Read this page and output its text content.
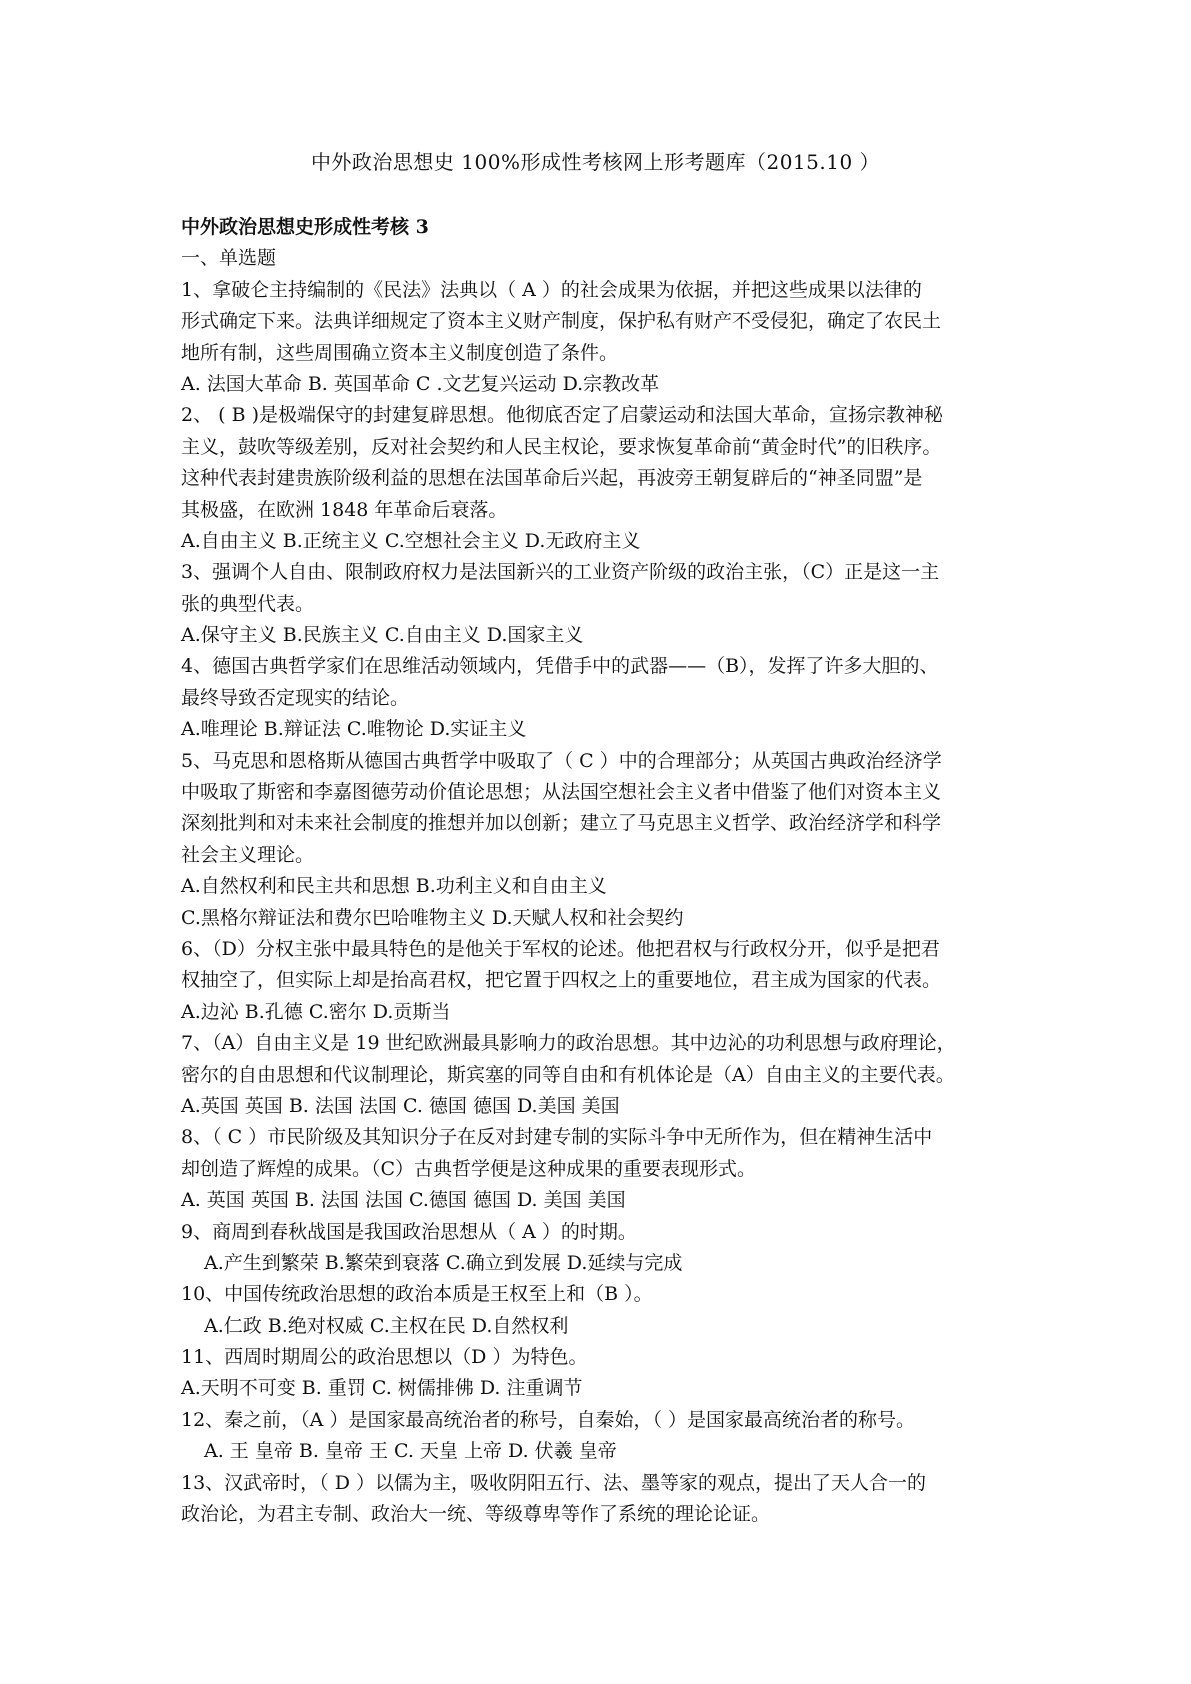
中外政治思想史 100%形成性考核网上形考题库（2015.10 ）
中外政治思想史形成性考核 3
一、单选题
1、拿破仑主持编制的《民法》法典以（ A ）的社会成果为依据，并把这些成果以法律的
形式确定下来。法典详细规定了资本主义财产制度，保护私有财产不受侵犯，确定了农民土
地所有制，这些周围确立资本主义制度创造了条件。
A. 法国大革命 B. 英国革命 C .文艺复兴运动 D.宗教改革
2、 ( B )是极端保守的封建复辟思想。他彻底否定了启蒙运动和法国大革命，宣扬宗教神秘
主义，鼓吹等级差别，反对社会契约和人民主权论，要求恢复革命前“黄金时代”的旧秩序。
这种代表封建贵族阶级利益的思想在法国革命后兴起，再波旁王朝复辟后的“神圣同盟”是
其极盛，在欧洲 1848 年革命后衰落。
A.自由主义 B.正统主义 C.空想社会主义 D.无政府主义
3、强调个人自由、限制政府权力是法国新兴的工业资产阶级的政治主张，（C）正是这一主
张的典型代表。
A.保守主义 B.民族主义 C.自由主义 D.国家主义
4、德国古典哲学家们在思维活动领域内，凭借手中的武器——（B），发挥了许多大胆的、
最终导致否定现实的结论。
A.唯理论 B.辩证法 C.唯物论 D.实证主义
5、马克思和恩格斯从德国古典哲学中吸取了（ C ）中的合理部分；从英国古典政治经济学
中吸取了斯密和李嘉图德劳动价值论思想；从法国空想社会主义者中借鉴了他们对资本主义
深刻批判和对未来社会制度的推想并加以创新；建立了马克思主义哲学、政治经济学和科学
社会主义理论。
A.自然权利和民主共和思想 B.功利主义和自由主义
C.黑格尔辩证法和费尔巴哈唯物主义 D.天赋人权和社会契约
6、（D）分权主张中最具特色的是他关于军权的论述。他把君权与行政权分开，似乎是把君
权抽空了，但实际上却是抬高君权，把它置于四权之上的重要地位，君主成为国家的代表。
A.边沁 B.孔德 C.密尔 D.贡斯当
7、（A）自由主义是 19 世纪欧洲最具影响力的政治思想。其中边沁的功利思想与政府理论，
密尔的自由思想和代议制理论，斯宾塞的同等自由和有机体论是（A）自由主义的主要代表。
A.英国 英国 B. 法国 法国 C. 德国 德国 D.美国 美国
8、（ C ）市民阶级及其知识分子在反对封建专制的实际斗争中无所作为，但在精神生活中
却创造了辉煌的成果。（C）古典哲学便是这种成果的重要表现形式。
A. 英国 英国 B. 法国 法国 C.德国 德国 D. 美国 美国
9、商周到春秋战国是我国政治思想从（ A ）的时期。
A.产生到繁荣 B.繁荣到衰落 C.确立到发展 D.延续与完成
10、中国传统政治思想的政治本质是王权至上和（B ）。
A.仁政 B.绝对权威 C.主权在民 D.自然权利
11、西周时期周公的政治思想以（D ）为特色。
A.天明不可变 B. 重罚 C. 树儒排佛 D. 注重调节
12、秦之前，（A ）是国家最高统治者的称号，自秦始，（ ）是国家最高统治者的称号。
A. 王 皇帝 B. 皇帝 王 C. 天皇 上帝 D. 伏羲 皇帝
13、汉武帝时，（ D ）以儒为主，吸收阴阳五行、法、墨等家的观点，提出了天人合一的
政治论，为君主专制、政治大一统、等级尊卑等作了系统的理论论证。
